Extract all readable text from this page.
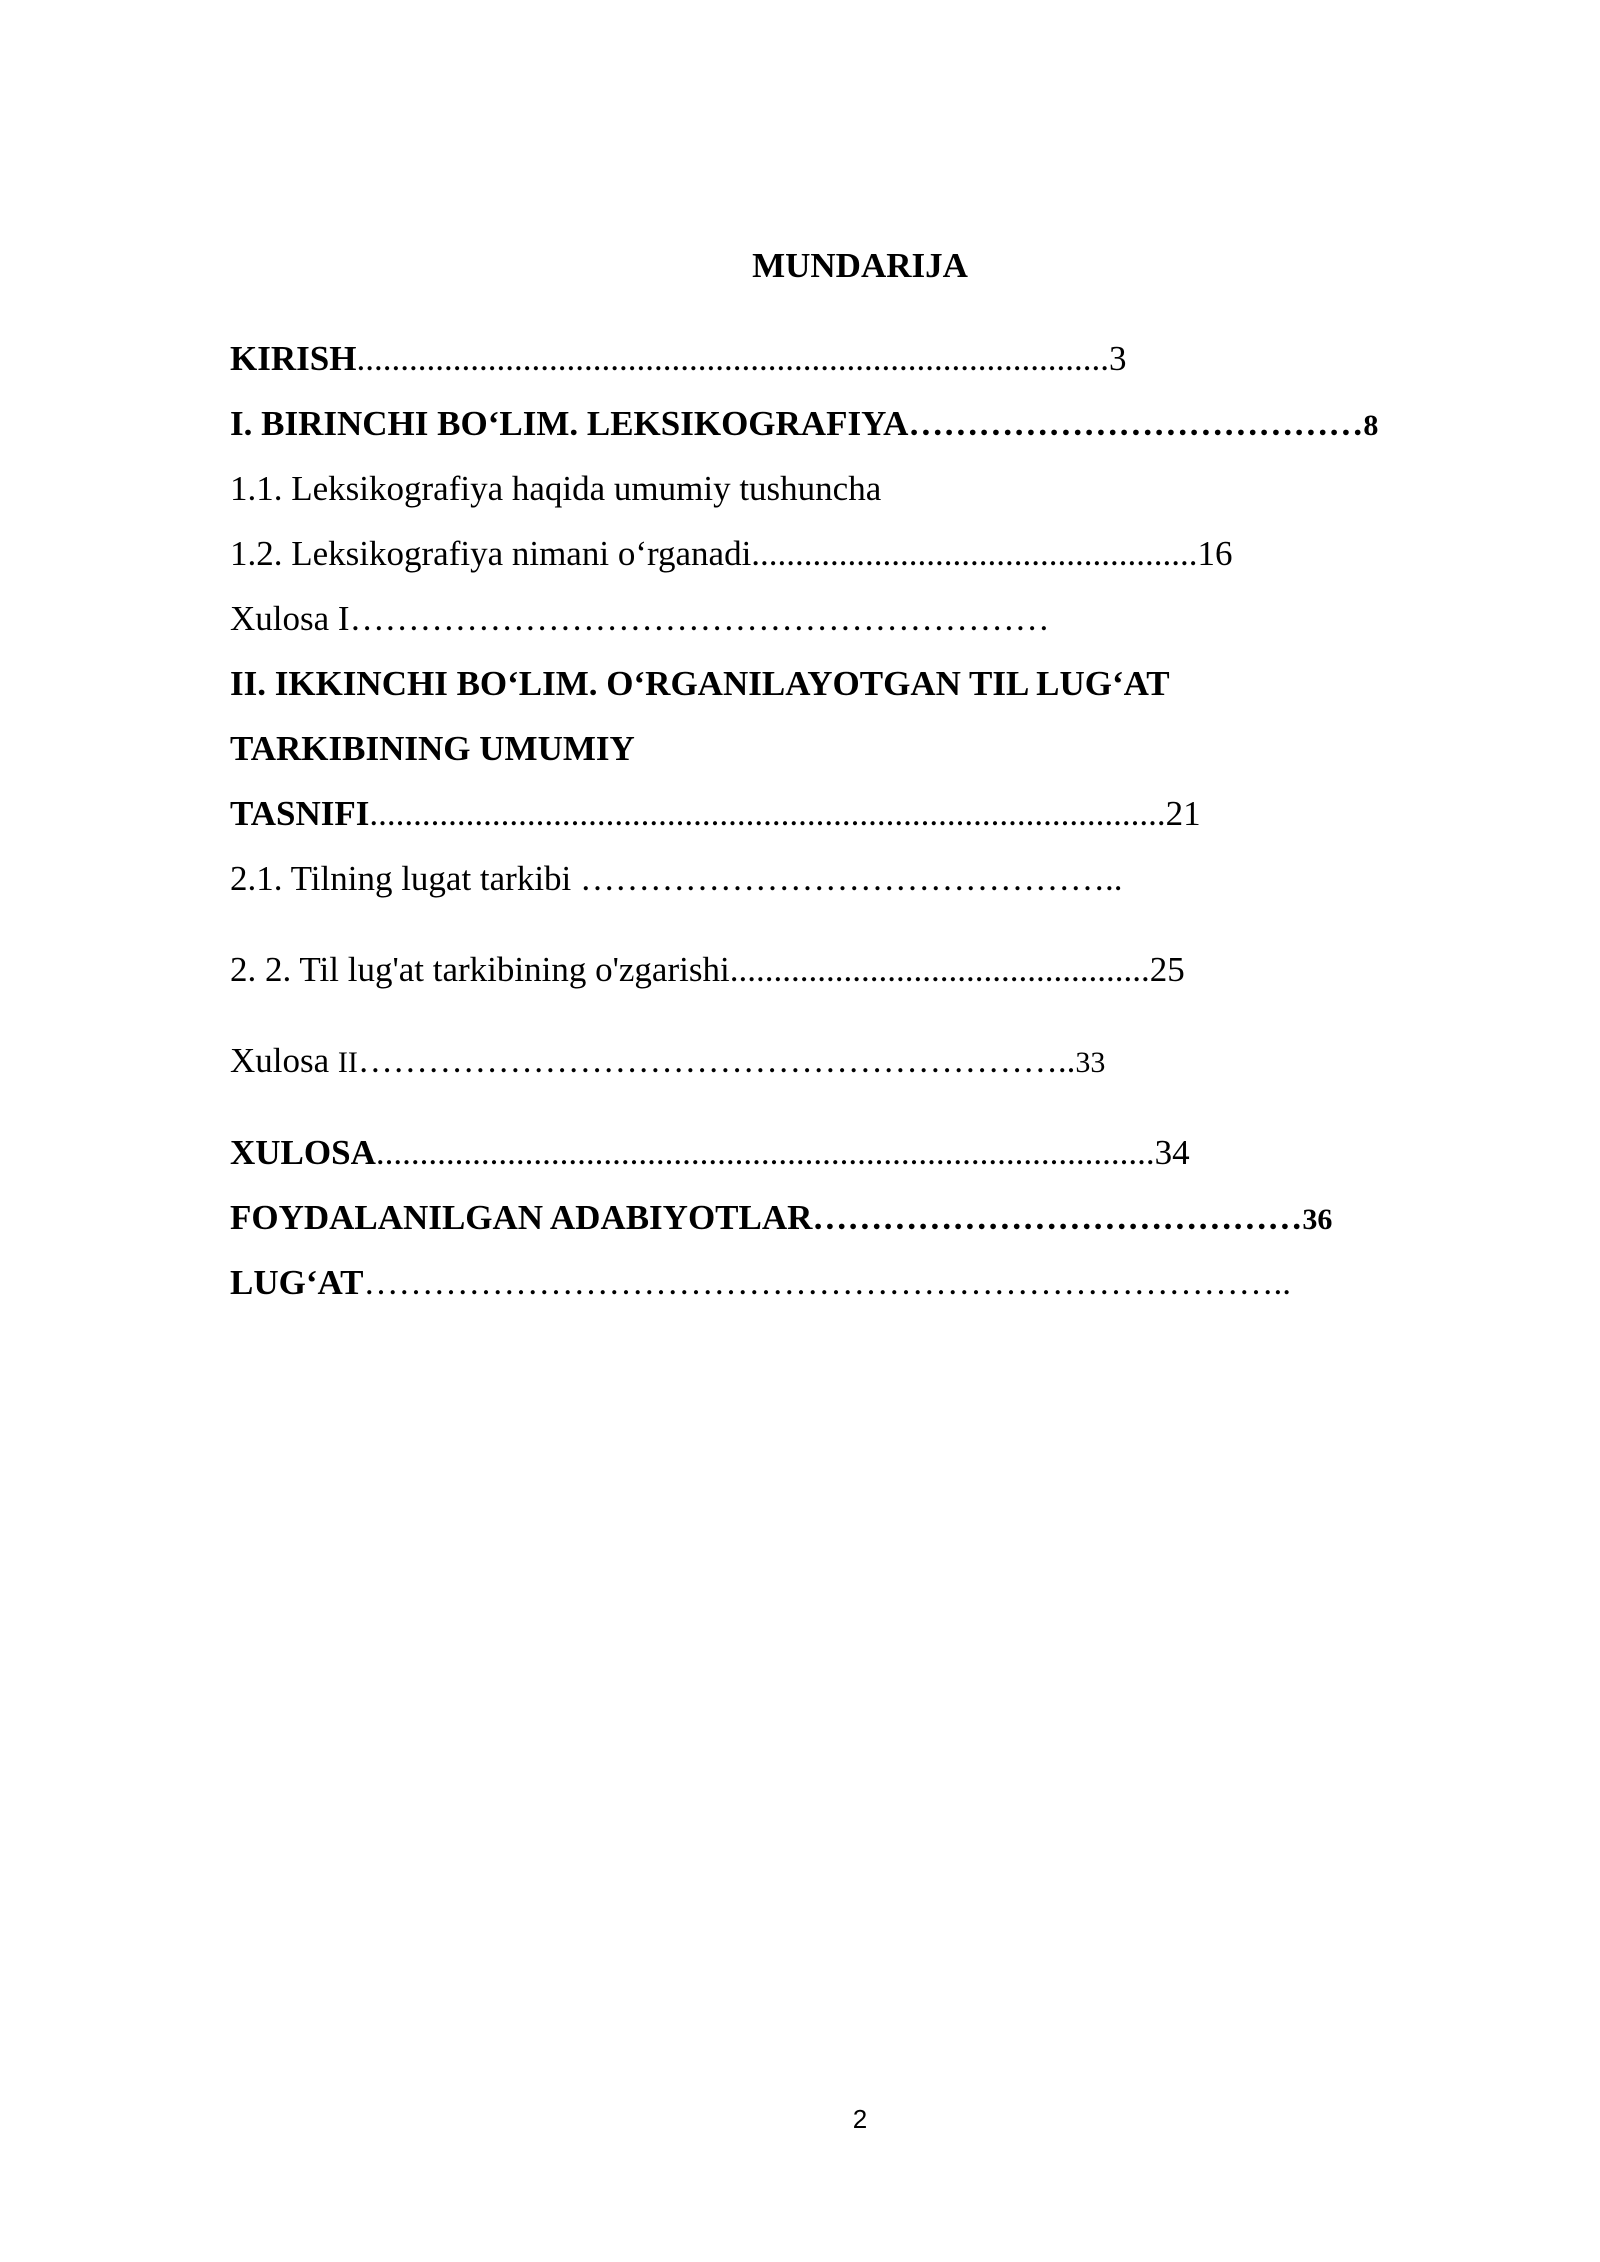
MUNDARIJA
KIRISH......................................................................................3
I. BIRINCHI BO‘LIM. LEKSIKOGRAFIYA…………………………………8
1.1. Leksikografiya haqida umumiy tushuncha
1.2. Leksikografiya nimani o‘rganadi...................................................16
Xulosa I……………………………………………………
II. IKKINCHI BO‘LIM. O‘RGANILAYOTGAN TIL LUG‘AT
TARKIBINING UMUMIY
TASNIFI...........................................................................................21
2.1. Tilning lugat tarkibi ………………………………………..
2. 2. Til lug'at tarkibining o'zgarishi................................................25
Xulosa II……………………………………………………..33
XULOSA.........................................................................................34
FOYDALANILGAN ADABIYOTLAR……………………………………36
LUG‘AT……………………………………………………………………..
2
